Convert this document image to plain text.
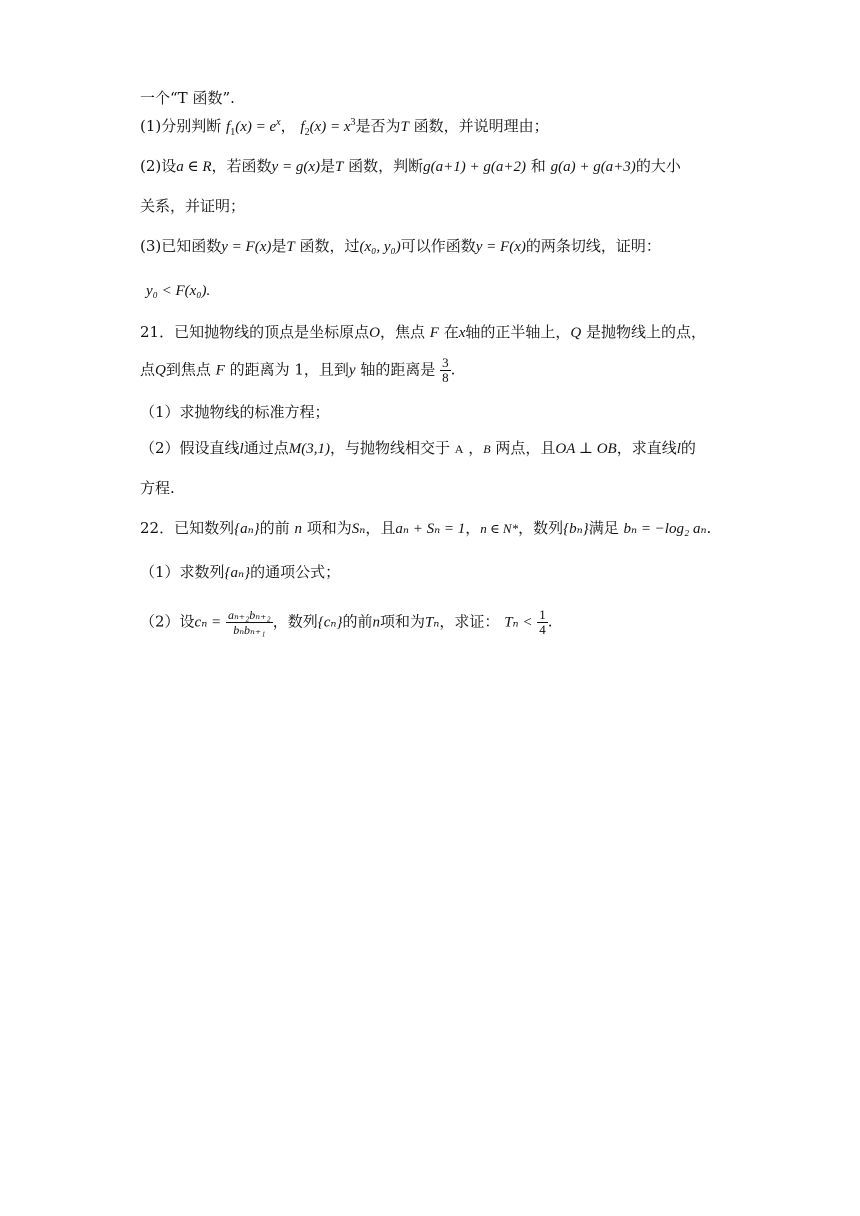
一个“T 函数”.
(1)分别判断 $f_1(x) = e^x$， $f_2(x) = x^3$是否为T 函数，并说明理由；
(2)设a ∈ R，若函数y = g(x)是T 函数，判断g(a+1) + g(a+2) 和 g(a) + g(a+3)的大小
关系，并证明；
(3)已知函数y = F(x)是T 函数，过(x₀, y₀)可以作函数y = F(x)的两条切线，证明：
y₀ < F(x₀).
21．已知抛物线的顶点是坐标原点O，焦点 F 在x轴的正半轴上，Q 是抛物线上的点，
点Q到焦点 F 的距离为 1，且到y 轴的距离是 $\frac{3}{8}$ .
（1）求抛物线的标准方程；
（2）假设直线l通过点M(3,1)，与抛物线相交于 A ，B 两点，且OA ⊥ OB，求直线l的
方程.
22．已知数列{aₙ}的前 n 项和为Sₙ，且aₙ + Sₙ = 1，n ∈ N*，数列{bₙ}满足 bₙ = −log₂ aₙ.
（1）求数列{aₙ}的通项公式；
（2）设$c_n = \frac{\text{aₙ₊₂bₙ₊₂}}{\text{bₙbₙ₊₁}}$ ，数列{cₙ}的前n项和为Tₙ，求证： $T_n < \frac{1}{4}$ .
